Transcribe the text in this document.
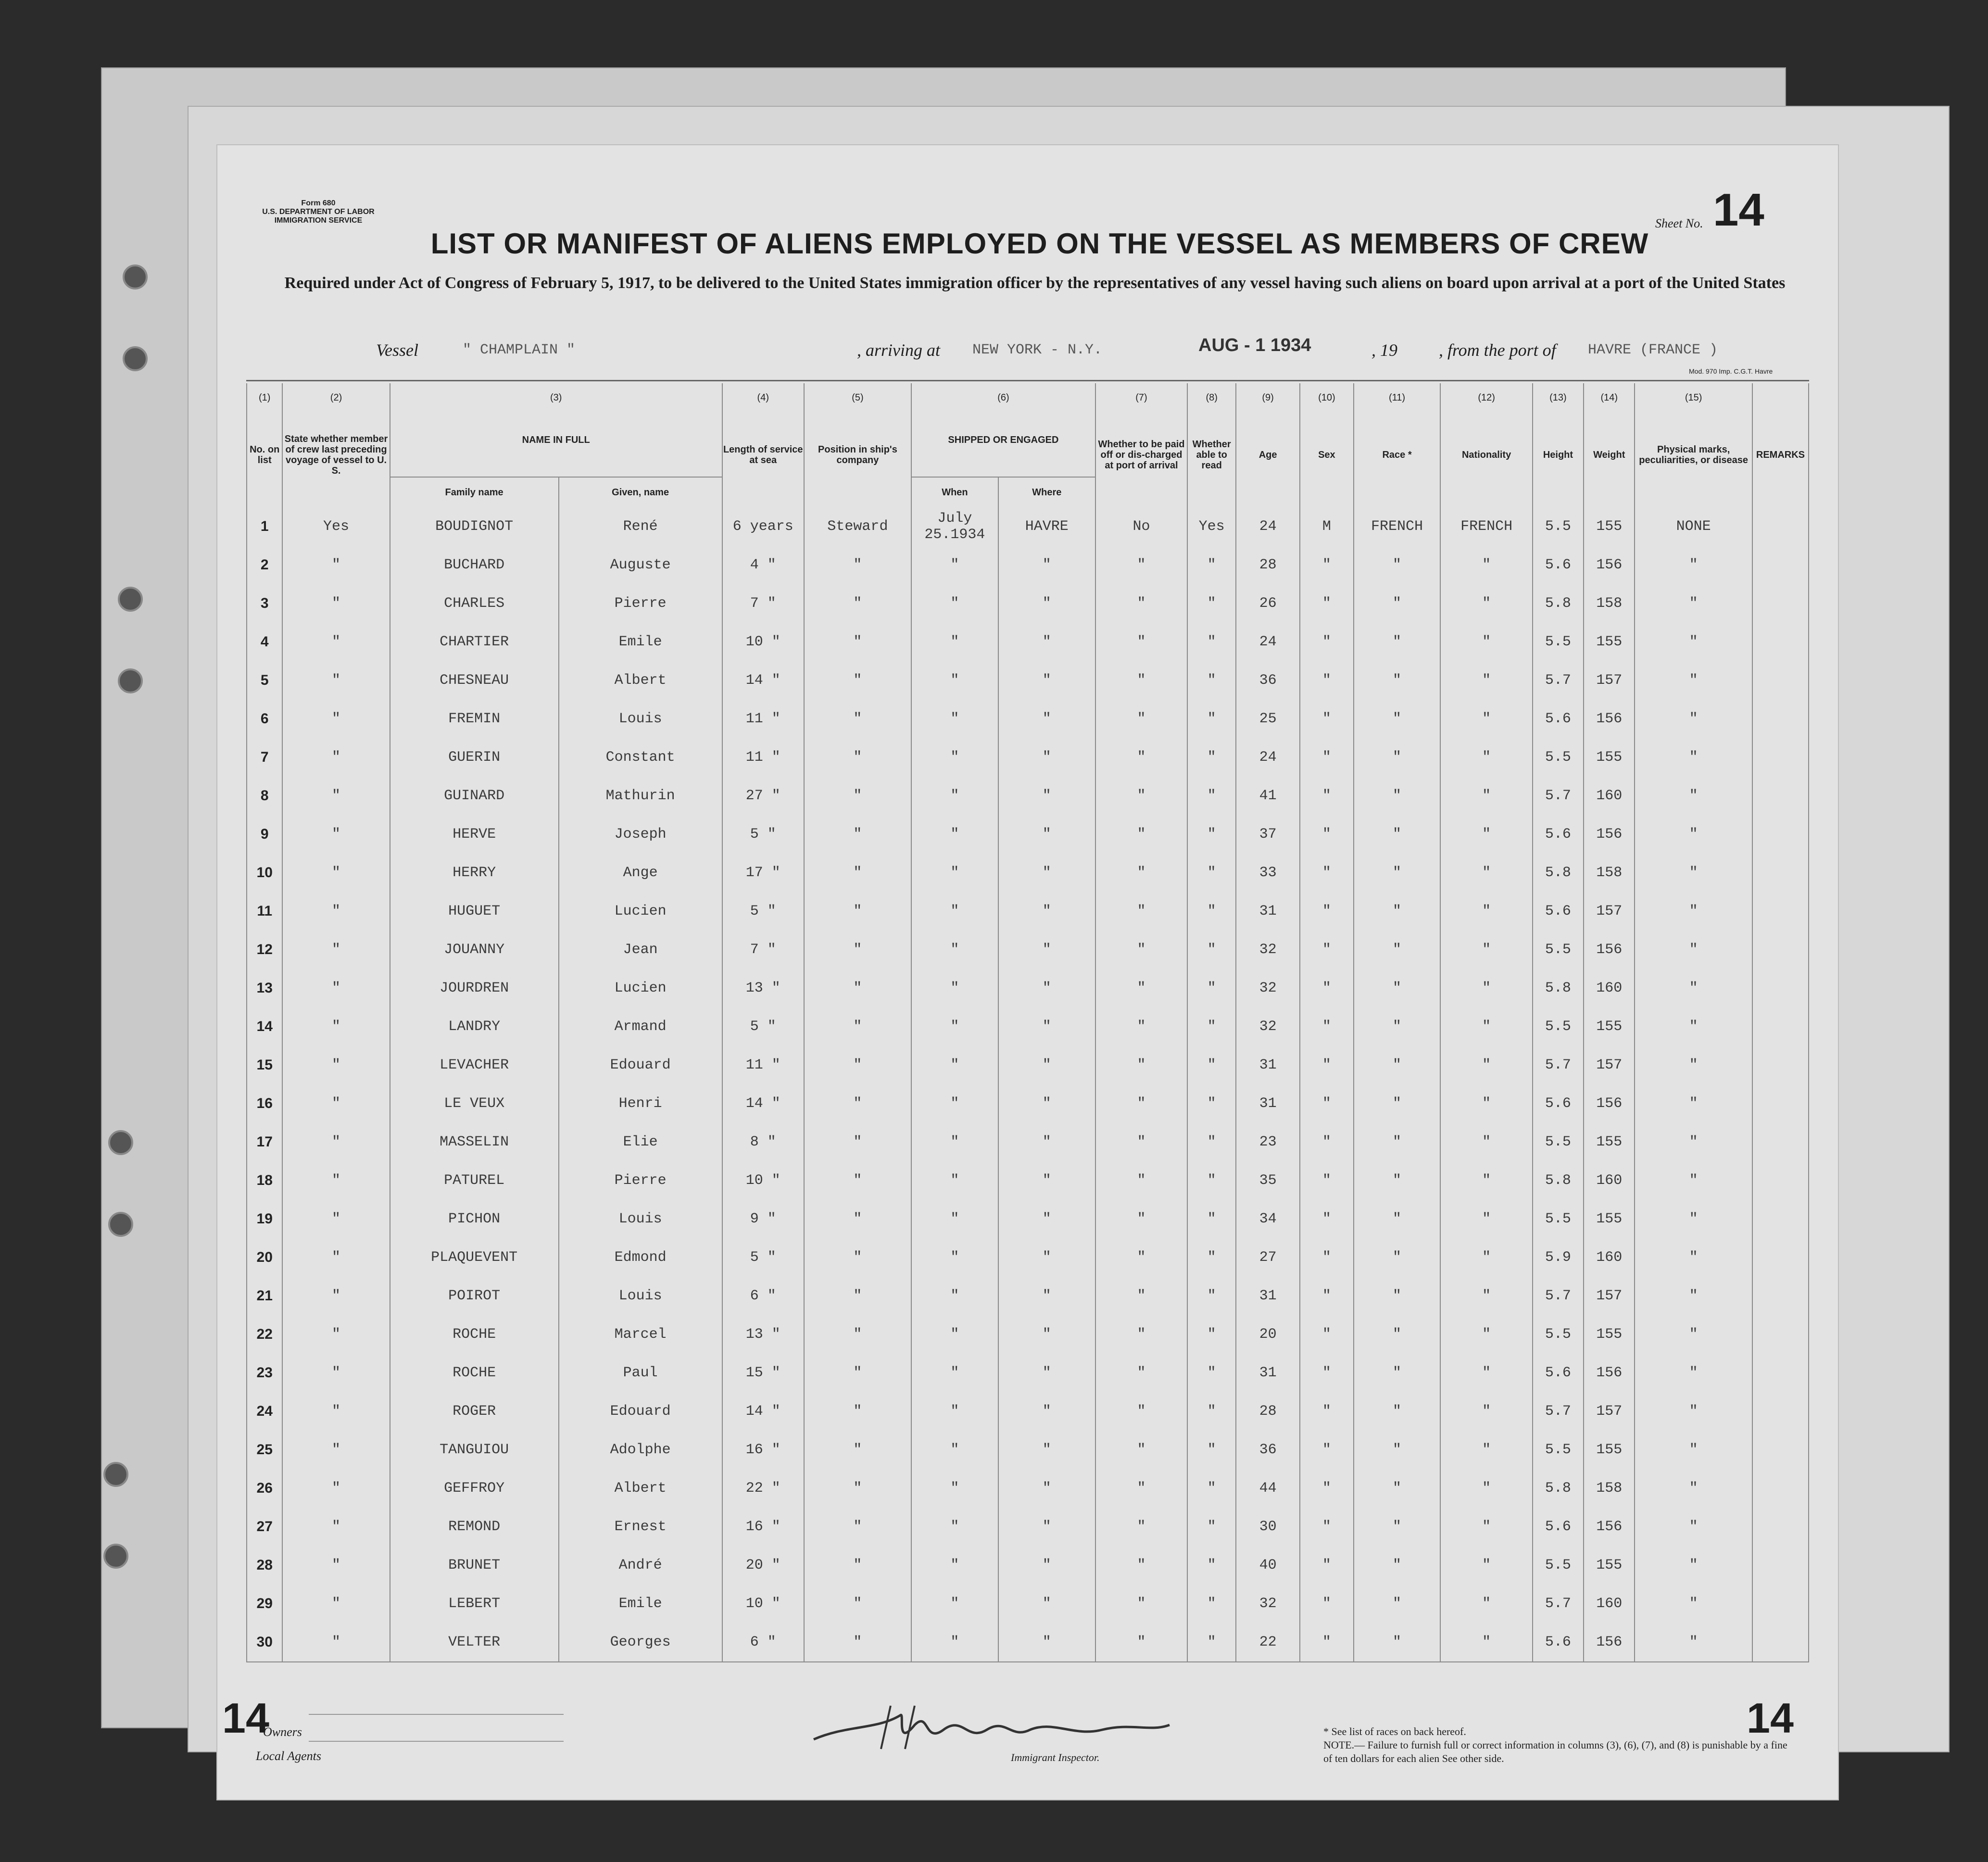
Form 680
U.S. DEPARTMENT OF LABOR
IMMIGRATION SERVICE	Sheet No. 14
LIST OR MANIFEST OF ALIENS EMPLOYED ON THE VESSEL AS MEMBERS OF CREW
Required under Act of Congress of February 5, 1917, to be delivered to the United States immigration officer by the representatives of any vessel having such aliens on board upon arrival at a port of the United States
Vessel	" CHAMPLAIN "	, arriving at NEW YORK - N.Y.	AUG - 1 1934	, 19 , from the port of HAVRE (FRANCE )
Mod. 970 Imp. C.G.T. Havre
(1)	(2)	(3)		(4)	(5)	(6)		(7)	(8)	(9)	(10)	(11)	(12)	(13)	(14)	(15)	
No. on list	State whether member of crew last preceding voyage of vessel to U. S.	NAME IN FULL		Length of service at sea	Position in ship's company	SHIPPED OR ENGAGED		Whether to be paid off or dis-charged at port of arrival	Whether able to read	Age	Sex	Race *	Nationality	Height	Weight	Physical marks, peculiarities, or disease	REMARKS
		Family name	Given, name			When	Where										
1	Yes	BOUDIGNOT	René	6 years	Steward	July 25.1934	HAVRE	No	Yes	24	M	FRENCH	FRENCH	5.5	155	NONE	
2	"	BUCHARD	Auguste	4 "	"	"	"	"	"	28	"	"	"	5.6	156	"	
3	"	CHARLES	Pierre	7 "	"	"	"	"	"	26	"	"	"	5.8	158	"	
4	"	CHARTIER	Emile	10 "	"	"	"	"	"	24	"	"	"	5.5	155	"	
5	"	CHESNEAU	Albert	14 "	"	"	"	"	"	36	"	"	"	5.7	157	"	
6	"	FREMIN	Louis	11 "	"	"	"	"	"	25	"	"	"	5.6	156	"	
7	"	GUERIN	Constant	11 "	"	"	"	"	"	24	"	"	"	5.5	155	"	
8	"	GUINARD	Mathurin	27 "	"	"	"	"	"	41	"	"	"	5.7	160	"	
9	"	HERVE	Joseph	5 "	"	"	"	"	"	37	"	"	"	5.6	156	"	
10	"	HERRY	Ange	17 "	"	"	"	"	"	33	"	"	"	5.8	158	"	
11	"	HUGUET	Lucien	5 "	"	"	"	"	"	31	"	"	"	5.6	157	"	
12	"	JOUANNY	Jean	7 "	"	"	"	"	"	32	"	"	"	5.5	156	"	
13	"	JOURDREN	Lucien	13 "	"	"	"	"	"	32	"	"	"	5.8	160	"	
14	"	LANDRY	Armand	5 "	"	"	"	"	"	32	"	"	"	5.5	155	"	
15	"	LEVACHER	Edouard	11 "	"	"	"	"	"	31	"	"	"	5.7	157	"	
16	"	LE VEUX	Henri	14 "	"	"	"	"	"	31	"	"	"	5.6	156	"	
17	"	MASSELIN	Elie	8 "	"	"	"	"	"	23	"	"	"	5.5	155	"	
18	"	PATUREL	Pierre	10 "	"	"	"	"	"	35	"	"	"	5.8	160	"	
19	"	PICHON	Louis	9 "	"	"	"	"	"	34	"	"	"	5.5	155	"	
20	"	PLAQUEVENT	Edmond	5 "	"	"	"	"	"	27	"	"	"	5.9	160	"	
21	"	POIROT	Louis	6 "	"	"	"	"	"	31	"	"	"	5.7	157	"	
22	"	ROCHE	Marcel	13 "	"	"	"	"	"	20	"	"	"	5.5	155	"	
23	"	ROCHE	Paul	15 "	"	"	"	"	"	31	"	"	"	5.6	156	"	
24	"	ROGER	Edouard	14 "	"	"	"	"	"	28	"	"	"	5.7	157	"	
25	"	TANGUIOU	Adolphe	16 "	"	"	"	"	"	36	"	"	"	5.5	155	"	
26	"	GEFFROY	Albert	22 "	"	"	"	"	"	44	"	"	"	5.8	158	"	
27	"	REMOND	Ernest	16 "	"	"	"	"	"	30	"	"	"	5.6	156	"	
28	"	BRUNET	André	20 "	"	"	"	"	"	40	"	"	"	5.5	155	"	
29	"	LEBERT	Emile	10 "	"	"	"	"	"	32	"	"	"	5.7	160	"	
30	"	VELTER	Georges	6 "	"	"	"	"	"	22	"	"	"	5.6	156	"	
14	14
Owners
Local Agents	Immigrant Inspector.
* See list of races on back hereof.
NOTE.— Failure to furnish full or correct information in columns (3), (6), (7), and (8) is punishable by a fine of ten dollars for each alien See other side.
